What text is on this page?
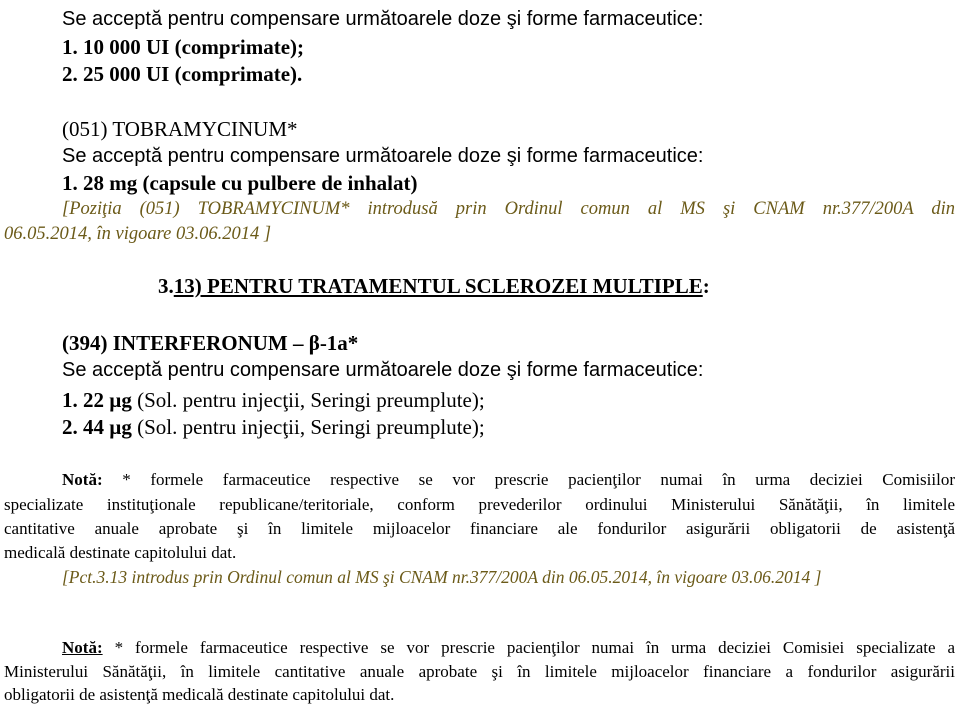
Se acceptă pentru compensare următoarele doze şi forme farmaceutice:
1. 10 000 UI (comprimate);
2. 25 000 UI (comprimate).
(051) TOBRAMYCINUM*
Se acceptă pentru compensare următoarele doze şi forme farmaceutice:
1. 28 mg (capsule cu pulbere de inhalat)
[Poziţia (051) TOBRAMYCINUM* introdusă prin Ordinul comun al MS şi CNAM nr.377/200A din
06.05.2014, în vigoare 03.06.2014 ]
3.13) PENTRU TRATAMENTUL SCLEROZEI MULTIPLE:
(394) INTERFERONUM – β-1a*
Se acceptă pentru compensare următoarele doze şi forme farmaceutice:
1. 22 µg (Sol. pentru injecţii, Seringi preumplute);
2. 44 µg (Sol. pentru injecţii, Seringi preumplute);
Notă: * formele farmaceutice respective se vor prescrie pacienţilor numai în urma deciziei Comisiilor
specializate instituţionale republicane/teritoriale, conform prevederilor ordinului Ministerului Sănătăţii, în limitele
cantitative anuale aprobate şi în limitele mijloacelor financiare ale fondurilor asigurării obligatorii de asistenţă
medicală destinate capitolului dat.
[Pct.3.13 introdus prin Ordinul comun al MS şi CNAM nr.377/200A din 06.05.2014, în vigoare 03.06.2014 ]
Notă: * formele farmaceutice respective se vor prescrie pacienţilor numai în urma deciziei Comisiei specializate a
Ministerului Sănătăţii, în limitele cantitative anuale aprobate şi în limitele mijloacelor financiare a fondurilor asigurării
obligatorii de asistenţă medicală destinate capitolului dat.
